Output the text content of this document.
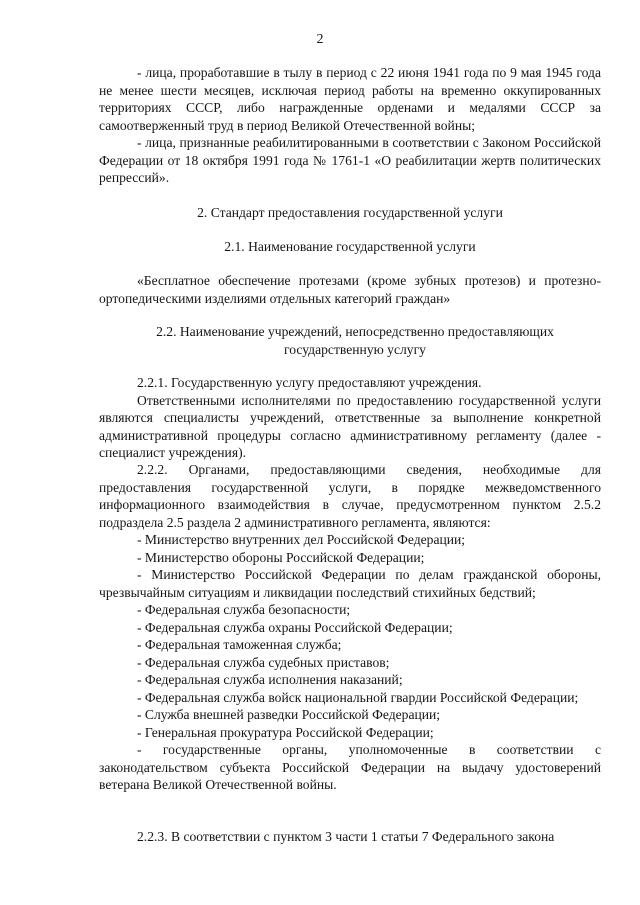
2
- лица, проработавшие в тылу в период с 22 июня 1941 года по 9 мая 1945 года не менее шести месяцев, исключая период работы на временно оккупированных территориях СССР, либо награжденные орденами и медалями СССР за самоотверженный труд в период Великой Отечественной войны;
- лица, признанные реабилитированными в соответствии с Законом Российской Федерации от 18 октября 1991 года № 1761-1 «О реабилитации жертв политических репрессий».
2. Стандарт предоставления государственной услуги
2.1. Наименование государственной услуги
«Бесплатное обеспечение протезами (кроме зубных протезов) и протезно-ортопедическими изделиями отдельных категорий граждан»
2.2. Наименование учреждений, непосредственно предоставляющих государственную услугу

2.2.1. Государственную услугу предоставляют учреждения.

Ответственными исполнителями по предоставлению государственной услуги являются специалисты учреждений, ответственные за выполнение конкретной административной процедуры согласно административному регламенту (далее - специалист учреждения).

2.2.2. Органами, предоставляющими сведения, необходимые для предоставления государственной услуги, в порядке межведомственного информационного взаимодействия в случае, предусмотренном пунктом 2.5.2 подраздела 2.5 раздела 2 административного регламента, являются:

- Министерство внутренних дел Российской Федерации;

- Министерство обороны Российской Федерации;

- Министерство Российской Федерации по делам гражданской обороны, чрезвычайным ситуациям и ликвидации последствий стихийных бедствий;

- Федеральная служба безопасности;

- Федеральная служба охраны Российской Федерации;

- Федеральная таможенная служба;

- Федеральная служба судебных приставов;

- Федеральная служба исполнения наказаний;

- Федеральная служба войск национальной гвардии Российской Федерации;

- Служба внешней разведки Российской Федерации;

- Генеральная прокуратура Российской Федерации;

- государственные органы, уполномоченные в соответствии с законодательством субъекта Российской Федерации на выдачу удостоверений ветерана Великой Отечественной войны.

2.2.3. В соответствии с пунктом 3 части 1 статьи 7 Федерального закона
